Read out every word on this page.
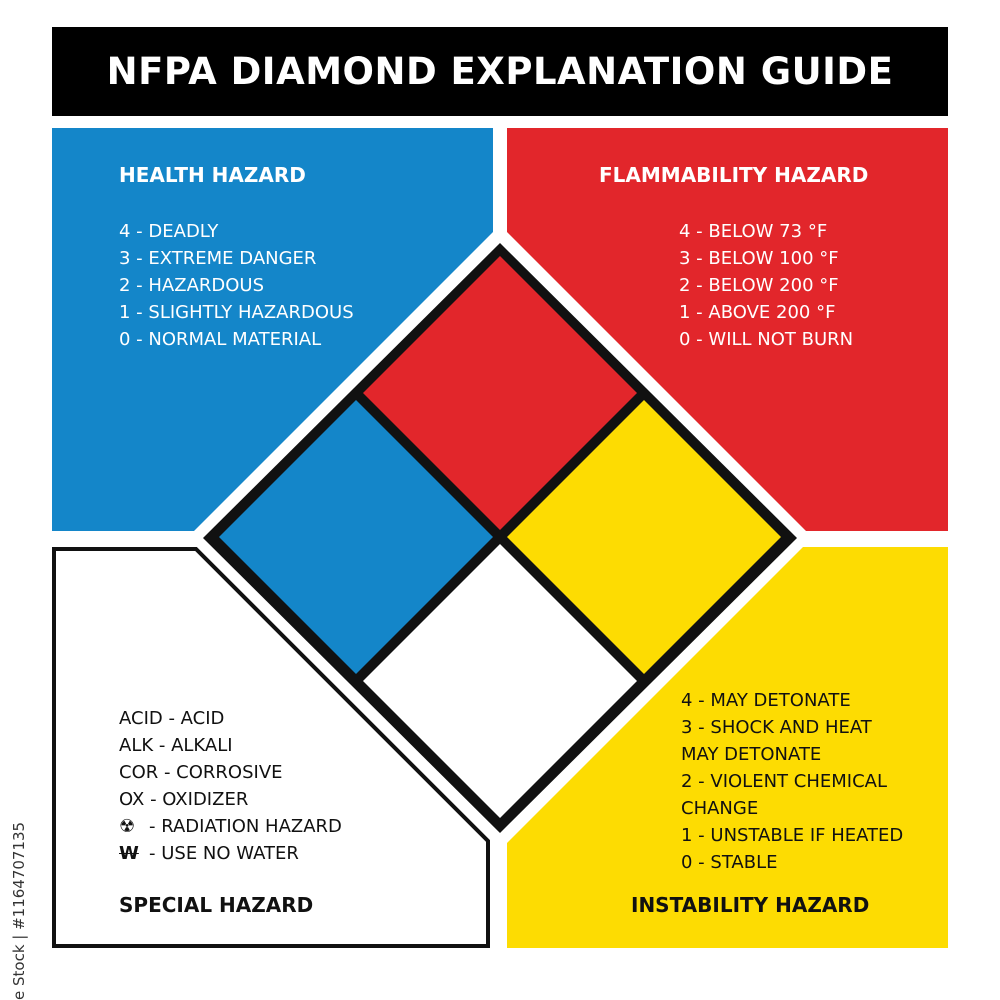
NFPA DIAMOND EXPLANATION GUIDE
HEALTH HAZARD
4 - DEADLY
3 - EXTREME DANGER
2 - HAZARDOUS
1 - SLIGHTLY HAZARDOUS
0 - NORMAL MATERIAL
FLAMMABILITY HAZARD
4 - BELOW 73 °F
3 - BELOW 100 °F
2 - BELOW 200 °F
1 - ABOVE 200 °F
0 - WILL NOT BURN
ACID - ACID
ALK - ALKALI
COR - CORROSIVE
OX - OXIDIZER
☢ - RADIATION HAZARD
W - USE NO WATER
SPECIAL HAZARD
4 - MAY DETONATE
3 - SHOCK AND HEAT
MAY DETONATE
2 - VIOLENT CHEMICAL
CHANGE
1 - UNSTABLE IF HEATED
0 - STABLE
INSTABILITY HAZARD
e Stock | #1164707135
